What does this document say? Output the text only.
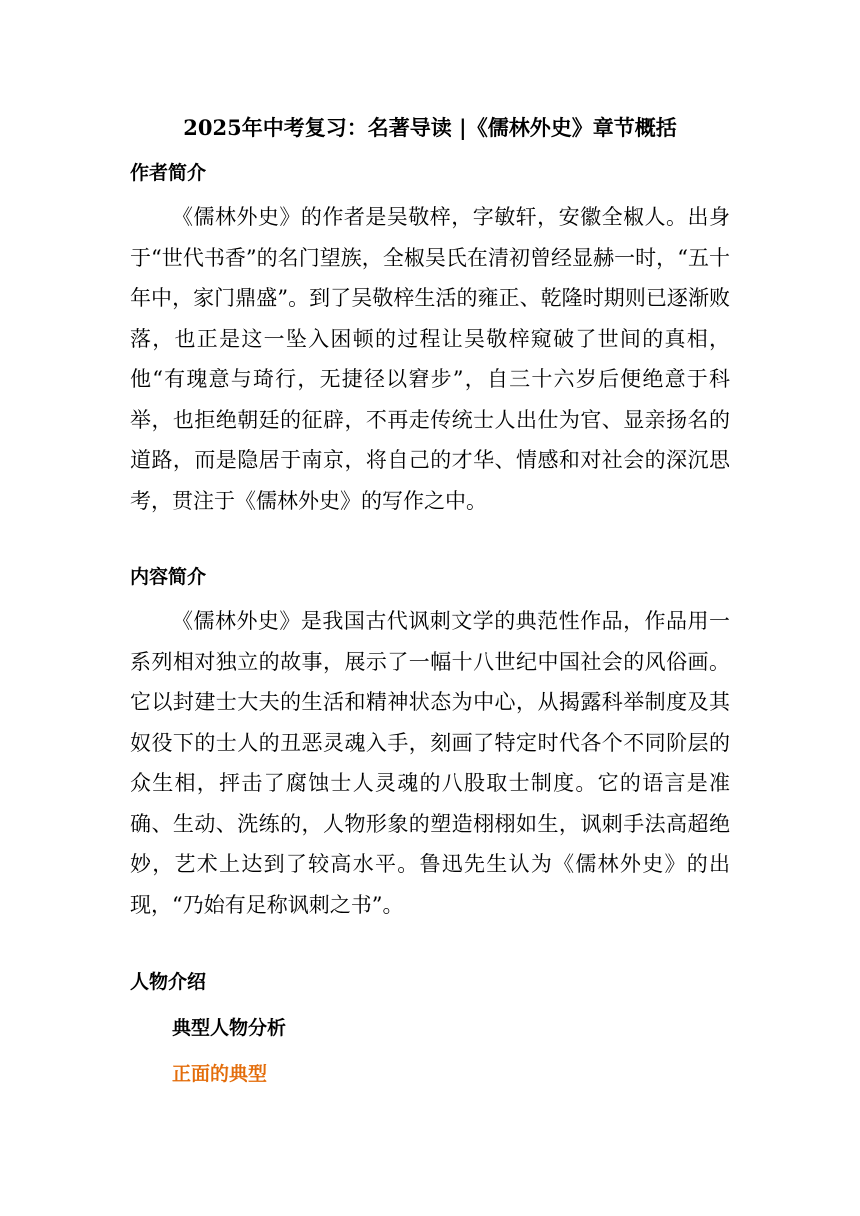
2025年中考复习：名著导读 |《儒林外史》章节概括
作者简介

《儒林外史》的作者是吴敬梓，字敏轩，安徽全椒人。出身于“世代书香”的名门望族，全椒吴氏在清初曾经显赫一时，“五十年中，家门鼎盛”。到了吴敬梓生活的雍正、乾隆时期则已逐渐败落，也正是这一坠入困顿的过程让吴敬梓窥破了世间的真相，他“有瑰意与琦行，无捷径以窘步”，自三十六岁后便绝意于科举，也拒绝朝廷的征辟，不再走传统士人出仕为官、显亲扬名的道路，而是隐居于南京，将自己的才华、情感和对社会的深沉思考，贯注于《儒林外史》的写作之中。

内容简介

《儒林外史》是我国古代讽刺文学的典范性作品，作品用一系列相对独立的故事，展示了一幅十八世纪中国社会的风俗画。它以封建士大夫的生活和精神状态为中心，从揭露科举制度及其奴役下的士人的丑恶灵魂入手，刻画了特定时代各个不同阶层的众生相，抨击了腐蚀士人灵魂的八股取士制度。它的语言是准确、生动、洗练的，人物形象的塑造栩栩如生，讽刺手法高超绝妙，艺术上达到了较高水平。鲁迅先生认为《儒林外史》的出现，“乃始有足称讽刺之书”。

人物介绍
典型人物分析
正面的典型
